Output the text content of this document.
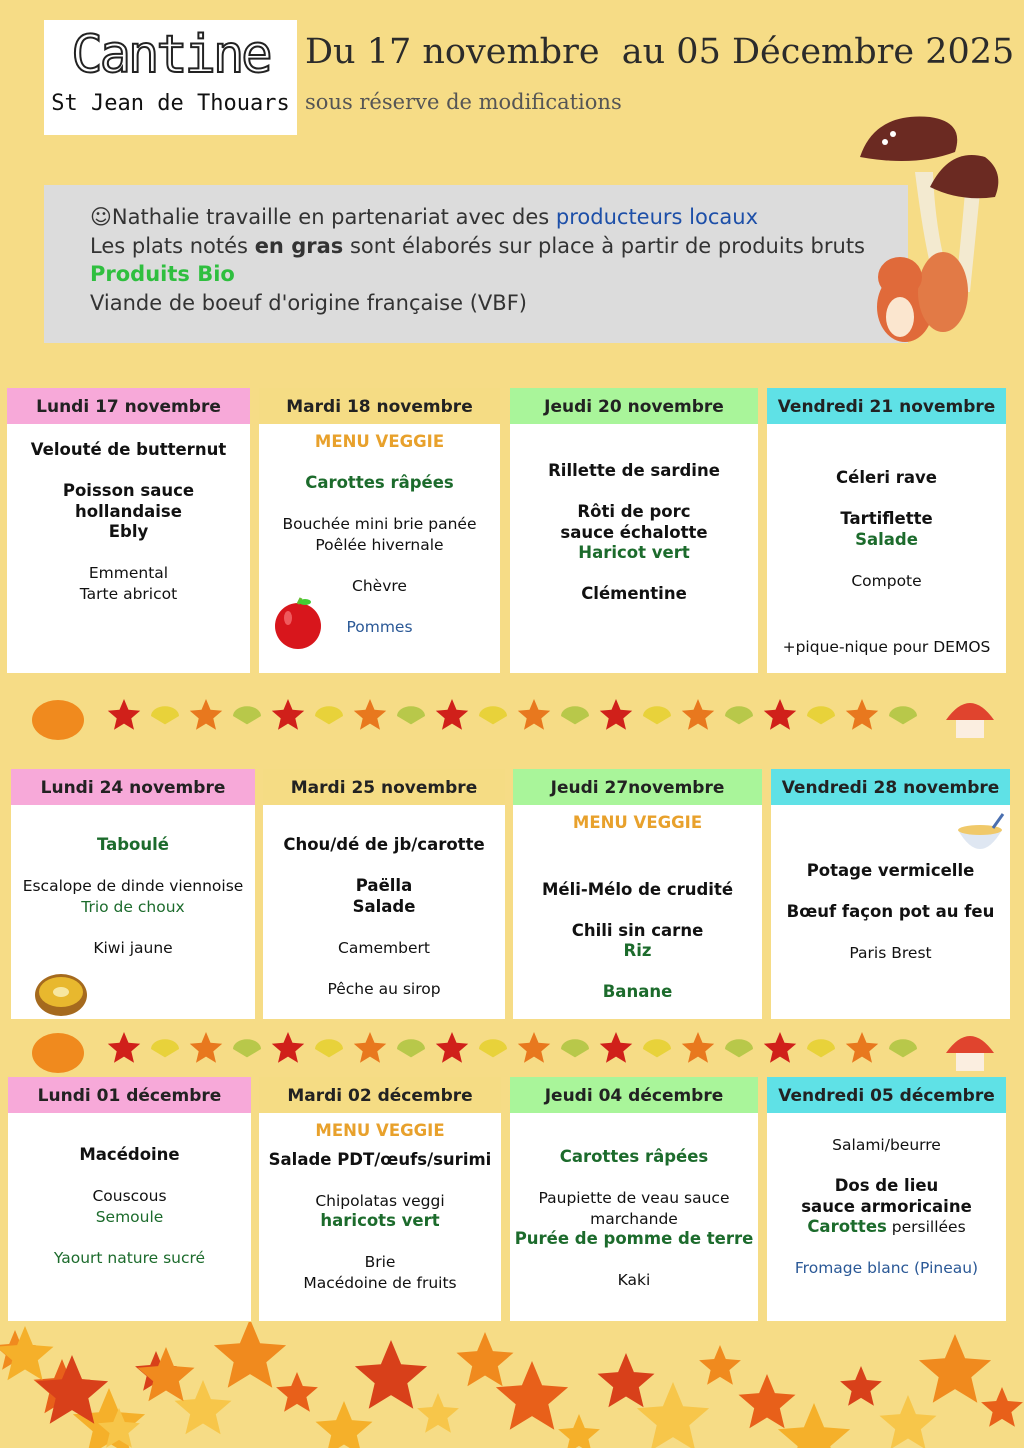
Cantine
St Jean de Thouars
Du 17 novembre  au 05 Décembre 2025
sous réserve de modifications
☺Nathalie travaille en partenariat avec des producteurs locaux
Les plats notés en gras sont élaborés sur place à partir de produits bruts
Produits Bio
Viande de boeuf d'origine française (VBF)
Lundi 17 novembre
Velouté de butternut
Poisson sauce
hollandaise
Ebly
Emmental
Tarte abricot
Mardi 18 novembre
MENU VEGGIE
Carottes râpées
Bouchée mini brie panée
Poêlée hivernale
Chèvre
Pommes
Jeudi 20 novembre
Rillette de sardine
Rôti de porc
sauce échalotte
Haricot vert
Clémentine
Vendredi 21 novembre
Céleri rave
Tartiflette
Salade
Compote
+pique-nique pour DEMOS
Lundi 24 novembre
Taboulé
Escalope de dinde viennoise
Trio de choux
Kiwi jaune
Mardi 25 novembre
Chou/dé de jb/carotte
Paëlla
Salade
Camembert
Pêche au sirop
Jeudi 27novembre
MENU VEGGIE
Méli-Mélo de crudité
Chili sin carne
Riz
Banane
Vendredi 28 novembre
Potage vermicelle
Bœuf façon pot au feu
Paris Brest
Lundi 01 décembre
Macédoine
Couscous
Semoule
Yaourt nature sucré
Mardi 02 décembre
MENU VEGGIE
Salade PDT/œufs/surimi
Chipolatas veggi
haricots vert
Brie
Macédoine de fruits
Jeudi 04 décembre
Carottes râpées
Paupiette de veau sauce
marchande
Purée de pomme de terre
Kaki
Vendredi 05 décembre
Salami/beurre
Dos de lieu
sauce armoricaine
Carottes persillées
Fromage blanc (Pineau)
